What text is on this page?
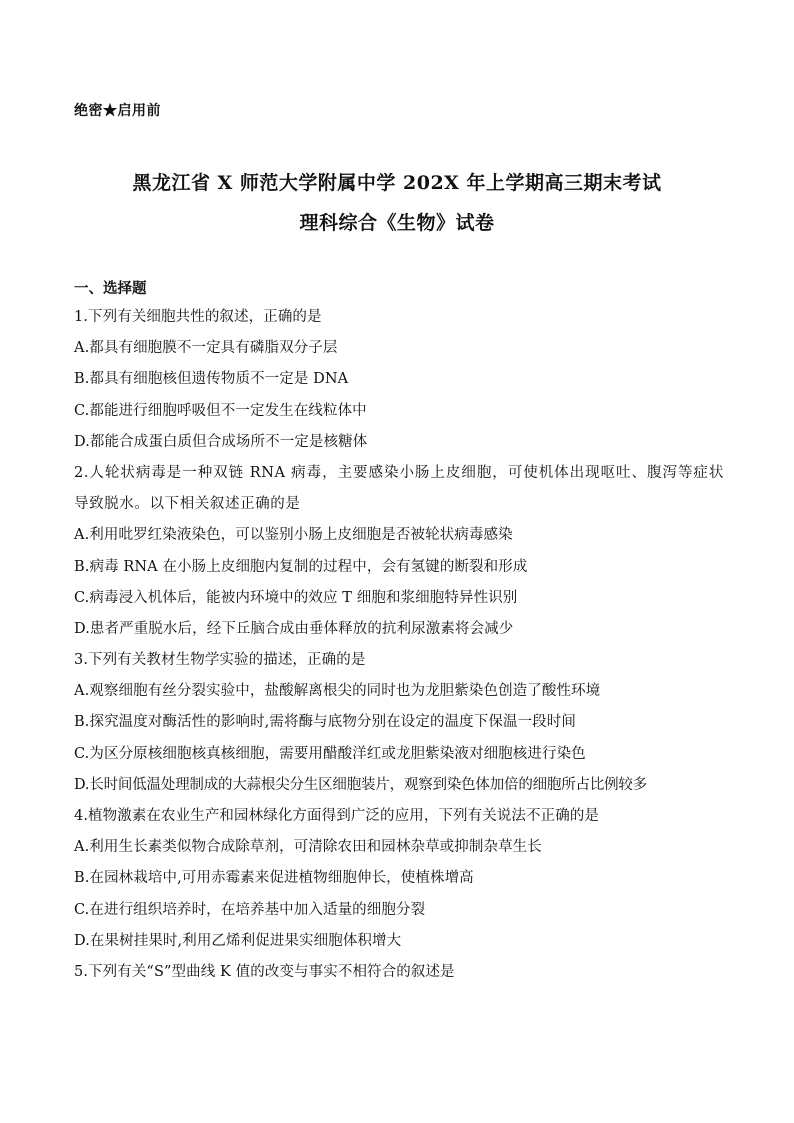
绝密★启用前
黑龙江省 X 师范大学附属中学 202X 年上学期高三期末考试
理科综合《生物》试卷
一、选择题
1.下列有关细胞共性的叙述，正确的是
A.都具有细胞膜不一定具有磷脂双分子层
B.都具有细胞核但遗传物质不一定是 DNA
C.都能进行细胞呼吸但不一定发生在线粒体中
D.都能合成蛋白质但合成场所不一定是核糖体
2.人轮状病毒是一种双链 RNA 病毒，主要感染小肠上皮细胞，可使机体出现呕吐、腹泻等症状导致脱水。以下相关叙述正确的是
A.利用吡罗红染液染色，可以鉴别小肠上皮细胞是否被轮状病毒感染
B.病毒 RNA 在小肠上皮细胞内复制的过程中，会有氢键的断裂和形成
C.病毒浸入机体后，能被内环境中的效应 T 细胞和浆细胞特异性识别
D.患者严重脱水后，经下丘脑合成由垂体释放的抗利尿激素将会减少
3.下列有关教材生物学实验的描述，正确的是
A.观察细胞有丝分裂实验中，盐酸解离根尖的同时也为龙胆紫染色创造了酸性环境
B.探究温度对酶活性的影响时,需将酶与底物分别在设定的温度下保温一段时间
C.为区分原核细胞核真核细胞，需要用醋酸洋红或龙胆紫染液对细胞核进行染色
D.长时间低温处理制成的大蒜根尖分生区细胞装片，观察到染色体加倍的细胞所占比例较多
4.植物激素在农业生产和园林绿化方面得到广泛的应用，下列有关说法不正确的是
A.利用生长素类似物合成除草剂，可清除农田和园林杂草或抑制杂草生长
B.在园林栽培中,可用赤霉素来促进植物细胞伸长，使植株增高
C.在进行组织培养时，在培养基中加入适量的细胞分裂
D.在果树挂果时,利用乙烯利促进果实细胞体积增大
5.下列有关“S”型曲线 K 值的改变与事实不相符合的叙述是
